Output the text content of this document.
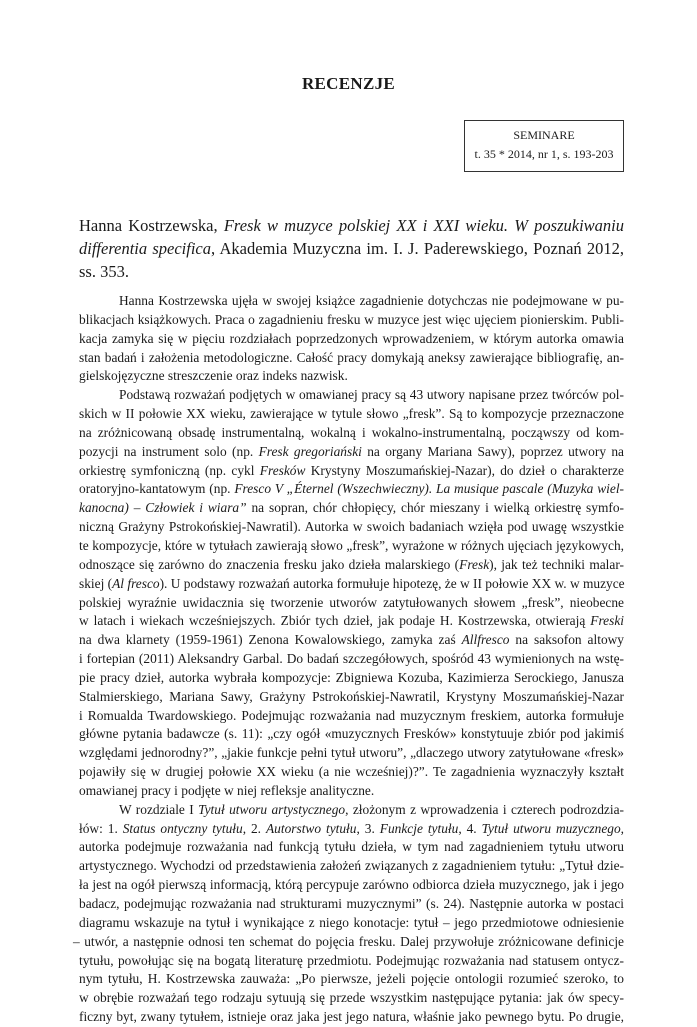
RECENZJE
SEMINARE
t. 35 * 2014, nr 1, s. 193-203
Hanna Kostrzewska, Fresk w muzyce polskiej XX i XXI wieku. W poszukiwaniu differentia specifica, Akademia Muzyczna im. I. J. Paderewskiego, Poznań 2012, ss. 353.
Hanna Kostrzewska ujęła w swojej książce zagadnienie dotychczas nie podejmowane w pu-
blikacjach książkowych. Praca o zagadnieniu fresku w muzyce jest więc ujęciem pionierskim. Publi-
kacja zamyka się w pięciu rozdziałach poprzedzonych wprowadzeniem, w którym autorka omawia
stan badań i założenia metodologiczne. Całość pracy domykają aneksy zawierające bibliografię, an-
gielskojęzyczne streszczenie oraz indeks nazwisk.
Podstawą rozważań podjętych w omawianej pracy są 43 utwory napisane przez twórców pol-
skich w II połowie XX wieku, zawierające w tytule słowo „fresk”. Są to kompozycje przeznaczone
na zróżnicowaną obsadę instrumentalną, wokalną i wokalno-instrumentalną, począwszy od kom-
pozycji na instrument solo (np. Fresk gregoriański na organy Mariana Sawy), poprzez utwory na
orkiestrę symfoniczną (np. cykl Fresków Krystyny Moszumańskiej-Nazar), do dzieł o charakterze
oratoryjno-kantatowym (np. Fresco V „Éternel (Wszechwieczny). La musique pascale (Muzyka wiel-
kanocna) – Człowiek i wiara” na sopran, chór chłopięcy, chór mieszany i wielką orkiestrę symfo-
niczną Grażyny Pstrokońskiej-Nawratil). Autorka w swoich badaniach wzięła pod uwagę wszystkie
te kompozycje, które w tytułach zawierają słowo „fresk”, wyrażone w różnych ujęciach językowych,
odnoszące się zarówno do znaczenia fresku jako dzieła malarskiego (Fresk), jak też techniki malar-
skiej (Al fresco). U podstawy rozważań autorka formułuje hipotezę, że w II połowie XX w. w muzyce
polskiej wyraźnie uwidacznia się tworzenie utworów zatytułowanych słowem „fresk”, nieobecne
w latach i wiekach wcześniejszych. Zbiór tych dzieł, jak podaje H. Kostrzewska, otwierają Freski
na dwa klarnety (1959-1961) Zenona Kowalowskiego, zamyka zaś Allfresco na saksofon altowy
i fortepian (2011) Aleksandry Garbal. Do badań szczegółowych, spośród 43 wymienionych na wstę-
pie pracy dzieł, autorka wybrała kompozycje: Zbigniewa Kozuba, Kazimierza Serockiego, Janusza
Stalmierskiego, Mariana Sawy, Grażyny Pstrokońskiej-Nawratil, Krystyny Moszumańskiej-Nazar
i Romualda Twardowskiego. Podejmując rozważania nad muzycznym freskiem, autorka formułuje
główne pytania badawcze (s. 11): „czy ogół «muzycznych Fresków» konstytuuje zbiór pod jakimiś
względami jednorodny?”, „jakie funkcje pełni tytuł utworu”, „dlaczego utwory zatytułowane «fresk»
pojawiły się w drugiej połowie XX wieku (a nie wcześniej)?”. Te zagadnienia wyznaczyły kształt
omawianej pracy i podjęte w niej refleksje analityczne.
W rozdziale I Tytuł utworu artystycznego, złożonym z wprowadzenia i czterech podrozdzia-
łów: 1. Status ontyczny tytułu, 2. Autorstwo tytułu, 3. Funkcje tytułu, 4. Tytuł utworu muzycznego,
autorka podejmuje rozważania nad funkcją tytułu dzieła, w tym nad zagadnieniem tytułu utworu
artystycznego. Wychodzi od przedstawienia założeń związanych z zagadnieniem tytułu: „Tytuł dzie-
ła jest na ogół pierwszą informacją, którą percypuje zarówno odbiorca dzieła muzycznego, jak i jego
badacz, podejmując rozważania nad strukturami muzycznymi” (s. 24). Następnie autorka w postaci
diagramu wskazuje na tytuł i wynikające z niego konotacje: tytuł – jego przedmiotowe odniesienie
– utwór, a następnie odnosi ten schemat do pojęcia fresku. Dalej przywołuje zróżnicowane definicje
tytułu, powołując się na bogatą literaturę przedmiotu. Podejmując rozważania nad statusem ontycz-
nym tytułu, H. Kostrzewska zauważa: „Po pierwsze, jeżeli pojęcie ontologii rozumieć szeroko, to
w obrębie rozważań tego rodzaju sytuują się przede wszystkim następujące pytania: jak ów specy-
ficzny byt, zwany tytułem, istnieje oraz jaka jest jego natura, właśnie jako pewnego bytu. Po drugie,
